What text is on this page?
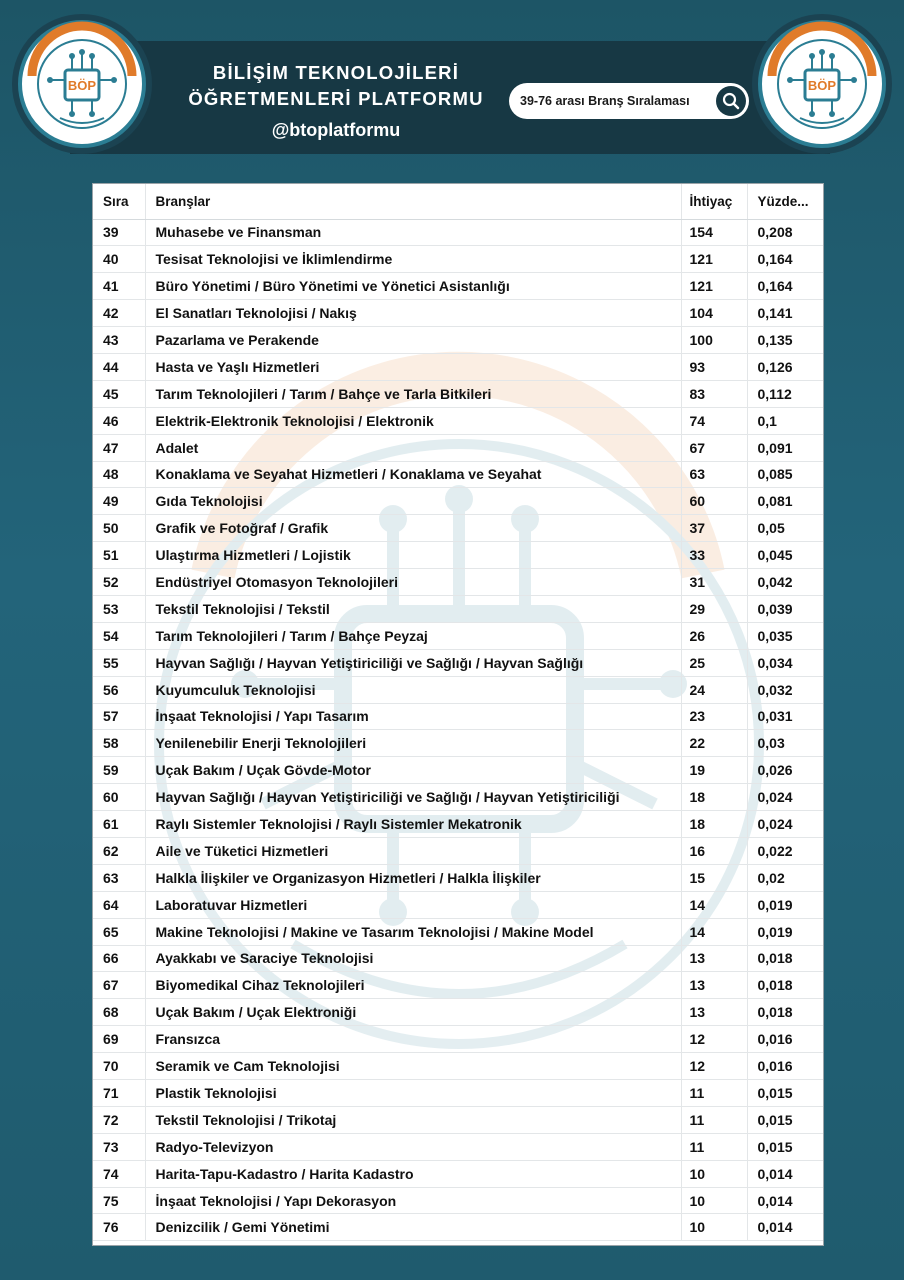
BÖP	BÖP
BİLİŞİM TEKNOLOJİLERİ
ÖĞRETMENLERİ PLATFORMU
@btoplatformu
39-76 arası Branş Sıralaması
Sıra	Branşlar	İhtiyaç	Yüzde...
39	Muhasebe ve Finansman	154	0,208
40	Tesisat Teknolojisi ve İklimlendirme	121	0,164
41	Büro Yönetimi / Büro Yönetimi ve Yönetici Asistanlığı	121	0,164
42	El Sanatları Teknolojisi / Nakış	104	0,141
43	Pazarlama ve Perakende	100	0,135
44	Hasta ve Yaşlı Hizmetleri	93	0,126
45	Tarım Teknolojileri / Tarım / Bahçe ve Tarla Bitkileri	83	0,112
46	Elektrik-Elektronik Teknolojisi / Elektronik	74	0,1
47	Adalet	67	0,091
48	Konaklama ve Seyahat Hizmetleri / Konaklama ve Seyahat	63	0,085
49	Gıda Teknolojisi	60	0,081
50	Grafik ve Fotoğraf / Grafik	37	0,05
51	Ulaştırma Hizmetleri / Lojistik	33	0,045
52	Endüstriyel Otomasyon Teknolojileri	31	0,042
53	Tekstil Teknolojisi / Tekstil	29	0,039
54	Tarım Teknolojileri / Tarım / Bahçe Peyzaj	26	0,035
55	Hayvan Sağlığı / Hayvan Yetiştiriciliği ve Sağlığı / Hayvan Sağlığı	25	0,034
56	Kuyumculuk Teknolojisi	24	0,032
57	İnşaat Teknolojisi / Yapı Tasarım	23	0,031
58	Yenilenebilir Enerji Teknolojileri	22	0,03
59	Uçak Bakım / Uçak Gövde-Motor	19	0,026
60	Hayvan Sağlığı / Hayvan Yetiştiriciliği ve Sağlığı / Hayvan Yetiştiriciliği	18	0,024
61	Raylı Sistemler Teknolojisi / Raylı Sistemler Mekatronik	18	0,024
62	Aile ve Tüketici Hizmetleri	16	0,022
63	Halkla İlişkiler ve Organizasyon Hizmetleri / Halkla İlişkiler	15	0,02
64	Laboratuvar Hizmetleri	14	0,019
65	Makine Teknolojisi / Makine ve Tasarım Teknolojisi / Makine Model	14	0,019
66	Ayakkabı ve Saraciye Teknolojisi	13	0,018
67	Biyomedikal Cihaz Teknolojileri	13	0,018
68	Uçak Bakım / Uçak Elektroniği	13	0,018
69	Fransızca	12	0,016
70	Seramik ve Cam Teknolojisi	12	0,016
71	Plastik Teknolojisi	11	0,015
72	Tekstil Teknolojisi / Trikotaj	11	0,015
73	Radyo-Televizyon	11	0,015
74	Harita-Tapu-Kadastro / Harita Kadastro	10	0,014
75	İnşaat Teknolojisi / Yapı Dekorasyon	10	0,014
76	Denizcilik / Gemi Yönetimi	10	0,014
